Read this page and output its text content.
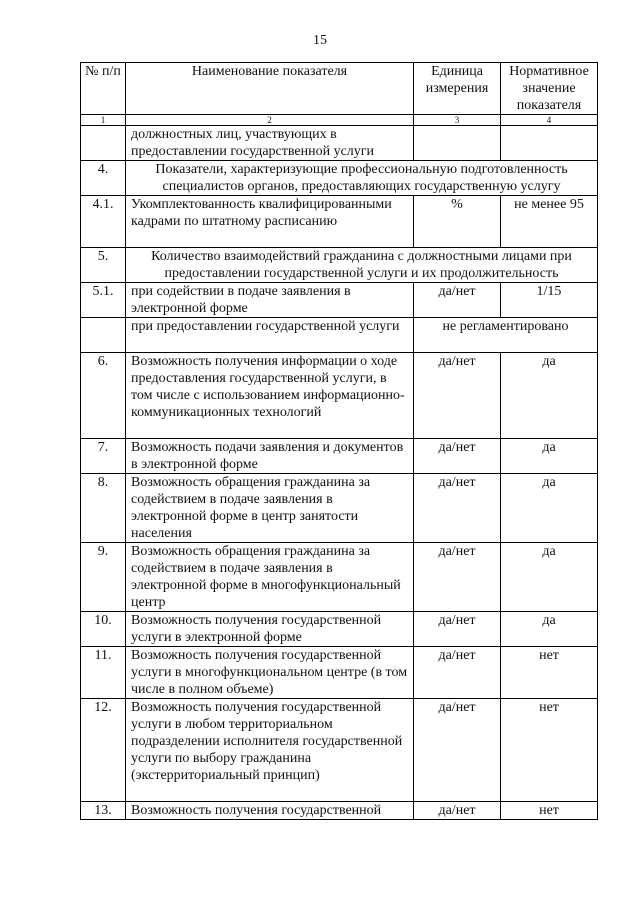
15
№ п/п	Наименование показателя	Единица измерения	Нормативное значение показателя
1	2	3	4
	должностных лиц, участвующих в предоставлении государственной услуги		
4.	Показатели, характеризующие профессиональную подготовленность специалистов органов, предоставляющих государственную услугу		
4.1.	Укомплектованность квалифицированными кадрами по штатному расписанию	%	не менее 95
5.	Количество взаимодействий гражданина с должностными лицами при предоставлении государственной услуги и их продолжительность		
5.1.	при содействии в подаче заявления в электронной форме	да/нет	1/15
	при предоставлении государственной услуги	не регламентировано	
6.	Возможность получения информации о ходе предоставления государственной услуги, в том числе с использованием информационно-коммуникационных технологий	да/нет	да
7.	Возможность подачи заявления и документов в электронной форме	да/нет	да
8.	Возможность обращения гражданина за содействием в подаче заявления в электронной форме в центр занятости населения	да/нет	да
9.	Возможность обращения гражданина за содействием в подаче заявления в электронной форме в многофункциональный центр	да/нет	да
10.	Возможность получения государственной услуги в электронной форме	да/нет	да
11.	Возможность получения государственной услуги в многофункциональном центре (в том числе в полном объеме)	да/нет	нет
12.	Возможность получения государственной услуги в любом территориальном подразделении исполнителя государственной услуги по выбору гражданина (экстерриториальный принцип)	да/нет	нет
13.	Возможность получения государственной	да/нет	нет
